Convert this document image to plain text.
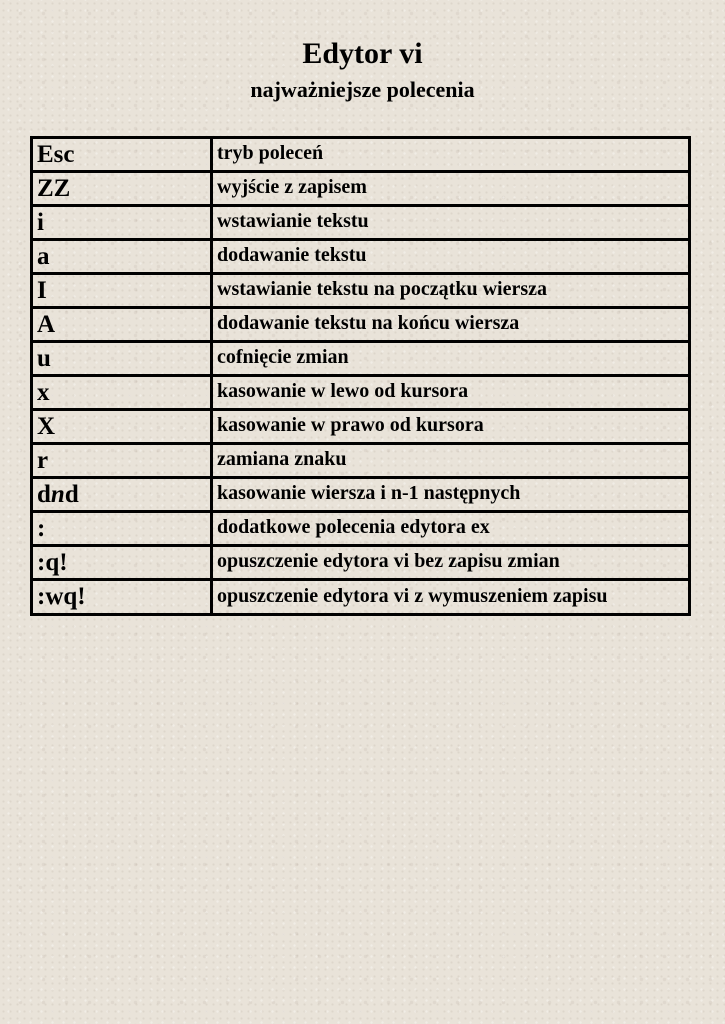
Edytor vi
najważniejsze polecenia
Esc	tryb poleceń
ZZ	wyjście z zapisem
i	wstawianie tekstu
a	dodawanie tekstu
I	wstawianie tekstu na początku wiersza
A	dodawanie tekstu na końcu wiersza
u	cofnięcie zmian
x	kasowanie w lewo od kursora
X	kasowanie w prawo od kursora
r	zamiana znaku
dnd	kasowanie wiersza i n-1 następnych
:	dodatkowe polecenia edytora ex
:q!	opuszczenie edytora vi bez zapisu zmian
:wq!	opuszczenie edytora vi z wymuszeniem zapisu
